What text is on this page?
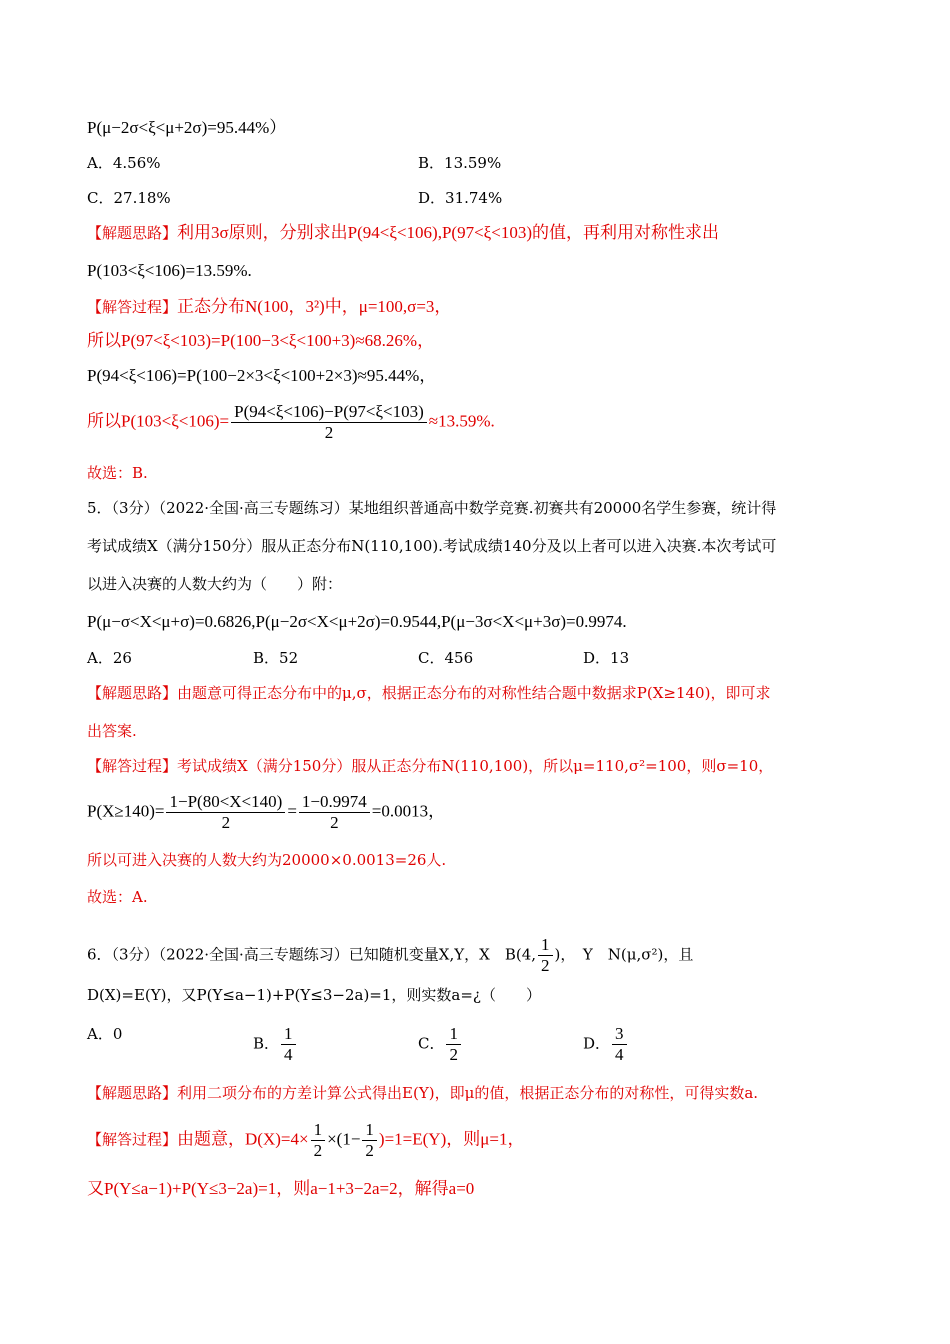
P(μ−2σ<ξ<μ+2σ)=95.44%）
A．4.56%	B．13.59%
C．27.18%	D．31.74%
【解题思路】利用3σ原则，分别求出P(94<ξ<106),P(97<ξ<103)的值，再利用对称性求出
P(103<ξ<106)=13.59%.
【解答过程】正态分布N(100，3²)中，μ=100,σ=3，
所以P(97<ξ<103)=P(100−3<ξ<100+3)≈68.26%，
P(94<ξ<106)=P(100−2×3<ξ<100+2×3)≈95.44%，
所以$P(103<\xi<106)= \frac{P(94<\xi<106)-P(97<\xi<103)}{2} \approx 13.59\%$.
故选：B.
5．（3分）（2022·全国·高三专题练习）某地组织普通高中数学竞赛.初赛共有20000名学生参赛，统计得
考试成绩X（满分150分）服从正态分布N(110,100).考试成绩140分及以上者可以进入决赛.本次考试可
以进入决赛的人数大约为（　　）附：
P(μ−σ<X<μ+σ)=0.6826,P(μ−2σ<X<μ+2σ)=0.9544,P(μ−3σ<X<μ+3σ)=0.9974.
A．26	B．52	C．456	D．13
【解题思路】由题意可得正态分布中的μ,σ，根据正态分布的对称性结合题中数据求P(X≥140)，即可求
出答案.
【解答过程】考试成绩X（满分150分）服从正态分布N(110,100)，所以μ=110,σ²=100，则σ=10，
$P(X\ge 140)= \frac{1-P(80<X<140)}{2} = \frac{1-0.9974}{2} =0.0013$，
所以可进入决赛的人数大约为20000×0.0013=26人.
故选：A.
6．（3分）（2022·全国·高三专题练习）已知随机变量X,Y，X　B(4, $\frac{1}{2}$ )，　Y　N(μ,σ²)，且
D(X)=E(Y)，又P(Y≤a−1)+P(Y≤3−2a)=1，则实数a=¿（　　）
A．0
B． $\frac{1}{4}$	C． $\frac{1}{2}$	D． $\frac{3}{4}$
【解题思路】利用二项分布的方差计算公式得出E(Y)，即μ的值，根据正态分布的对称性，可得实数a.
【解答过程】由题意，$D(X)=4\times \frac{1}{2} \times(1- \frac{1}{2} )=1=E(Y)$，则μ=1，
又P(Y≤a−1)+P(Y≤3−2a)=1，则a−1+3−2a=2，解得a=0
